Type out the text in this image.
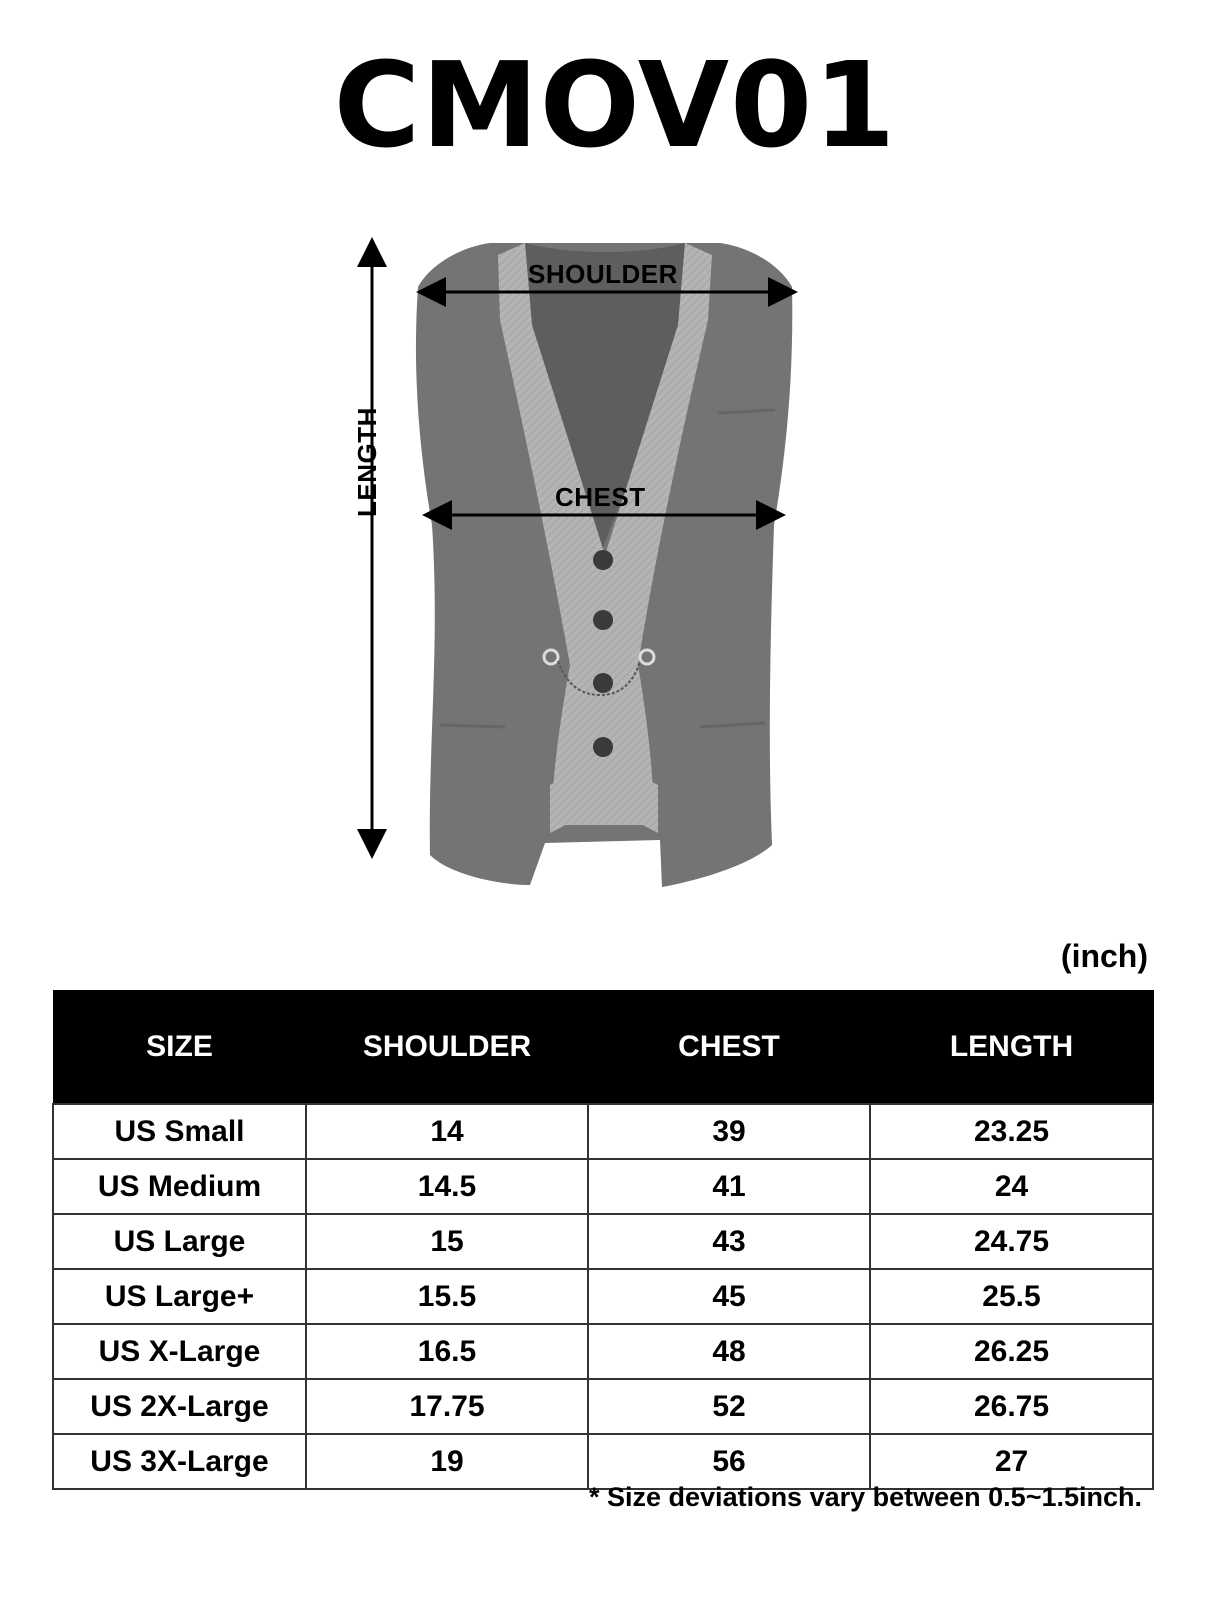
CMOV01
SHOULDER
CHEST
LENGTH
(inch)
SIZE	SHOULDER	CHEST	LENGTH
US Small	14	39	23.25
US Medium	14.5	41	24
US Large	15	43	24.75
US Large+	15.5	45	25.5
US X-Large	16.5	48	26.25
US 2X-Large	17.75	52	26.75
US 3X-Large	19	56	27
* Size deviations vary between 0.5~1.5inch.
